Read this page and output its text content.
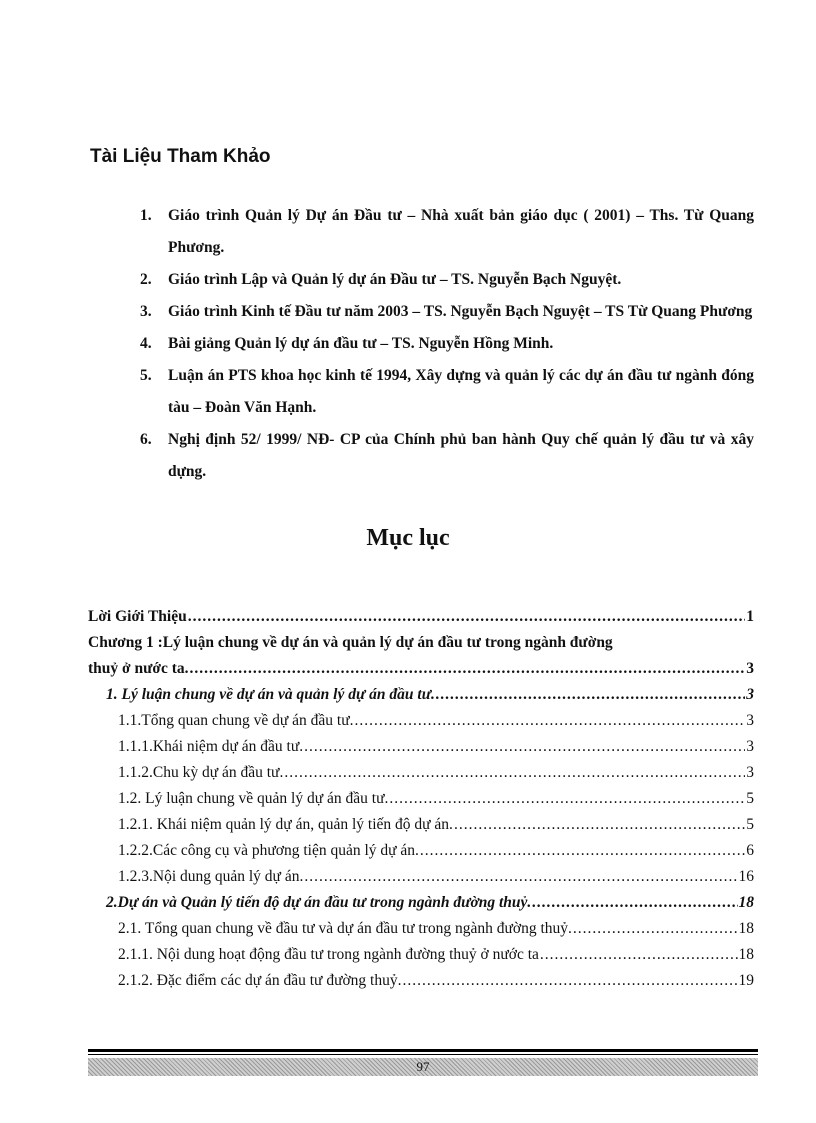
Tài Liệu Tham Khảo
1. Giáo trình Quản lý Dự án Đầu tư – Nhà xuất bản giáo dục ( 2001) – Ths. Từ Quang Phương.
2. Giáo trình Lập và Quản lý dự án Đầu tư – TS. Nguyễn Bạch Nguyệt.
3. Giáo trình Kinh tế Đầu tư năm 2003 – TS. Nguyễn Bạch Nguyệt – TS Từ Quang Phương
4. Bài giảng Quản lý dự án đầu tư – TS. Nguyễn Hồng Minh.
5. Luận án PTS khoa học kinh tế 1994, Xây dựng và quản lý các dự án đầu tư ngành đóng tàu – Đoàn Văn Hạnh.
6. Nghị định 52/ 1999/ NĐ- CP của Chính phủ ban hành Quy chế quản lý đầu tư và xây dựng.
Mục lục
Lời Giới Thiệu .....	1
Chương 1 :Lý luận chung về dự án và quản lý dự án đầu tư trong ngành đường
thuỷ ở nước ta. .....	3
1. Lý luận chung về dự án và quản lý dự án đầu tư. .....	3
1.1.Tổng quan chung về dự án đầu tư. .....	3
1.1.1.Khái niệm dự án đầu tư. .....	3
1.1.2.Chu kỳ dự án đầu tư. .....	3
1.2. Lý luận chung về quản lý dự án đầu tư. .....	5
1.2.1. Khái niệm quản lý dự án, quản lý tiến độ dự án. .....	5
1.2.2.Các công cụ và phương tiện quản lý dự án. .....	6
1.2.3.Nội dung quản lý dự án. .....	16
2.Dự án và Quản lý tiến độ dự án đầu tư trong ngành đường thuỷ. .....	18
2.1. Tổng quan chung về đầu tư và dự án đầu tư trong ngành đường thuỷ. .....	18
2.1.1. Nội dung hoạt động đầu tư trong ngành đường thuỷ ở nước ta .....	18
2.1.2. Đặc điểm các dự án đầu tư đường thuỷ. .....	19
97
